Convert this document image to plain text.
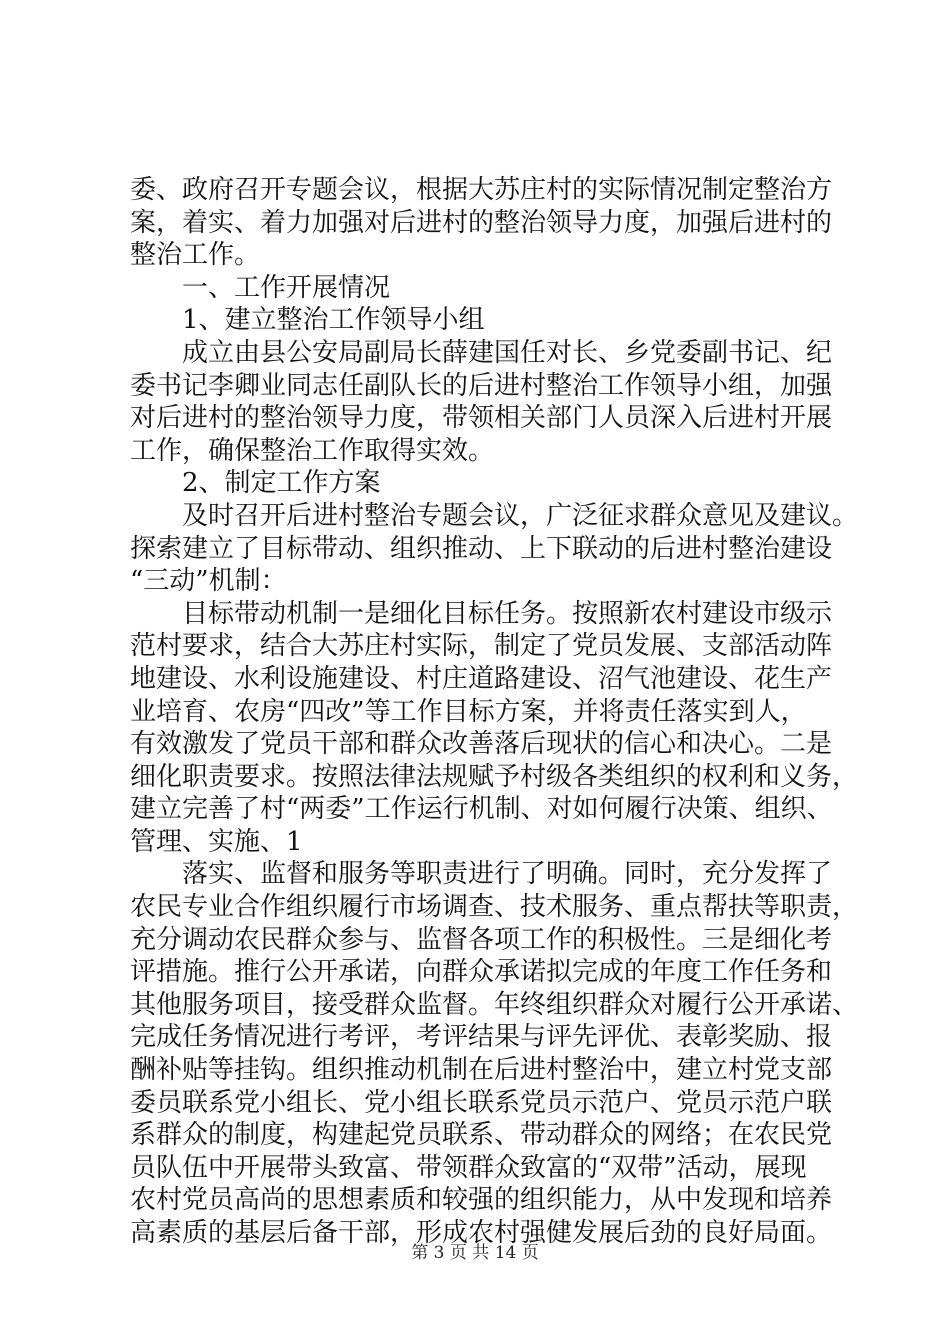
委、政府召开专题会议，根据大苏庄村的实际情况制定整治方
案，着实、着力加强对后进村的整治领导力度，加强后进村的
整治工作。
一、工作开展情况
1、建立整治工作领导小组
成立由县公安局副局长薛建国任对长、乡党委副书记、纪
委书记李卿业同志任副队长的后进村整治工作领导小组，加强
对后进村的整治领导力度，带领相关部门人员深入后进村开展
工作，确保整治工作取得实效。
2、制定工作方案
及时召开后进村整治专题会议，广泛征求群众意见及建议。
探索建立了目标带动、组织推动、上下联动的后进村整治建设
“三动”机制：
目标带动机制一是细化目标任务。按照新农村建设市级示
范村要求，结合大苏庄村实际，制定了党员发展、支部活动阵
地建设、水利设施建设、村庄道路建设、沼气池建设、花生产
业培育、农房“四改”等工作目标方案，并将责任落实到人，
有效激发了党员干部和群众改善落后现状的信心和决心。二是
细化职责要求。按照法律法规赋予村级各类组织的权利和义务，
建立完善了村“两委”工作运行机制、对如何履行决策、组织、
管理、实施、1
落实、监督和服务等职责进行了明确。同时，充分发挥了
农民专业合作组织履行市场调查、技术服务、重点帮扶等职责，
充分调动农民群众参与、监督各项工作的积极性。三是细化考
评措施。推行公开承诺，向群众承诺拟完成的年度工作任务和
其他服务项目，接受群众监督。年终组织群众对履行公开承诺、
完成任务情况进行考评，考评结果与评先评优、表彰奖励、报
酬补贴等挂钩。组织推动机制在后进村整治中，建立村党支部
委员联系党小组长、党小组长联系党员示范户、党员示范户联
系群众的制度，构建起党员联系、带动群众的网络；在农民党
员队伍中开展带头致富、带领群众致富的“双带”活动，展现
农村党员高尚的思想素质和较强的组织能力，从中发现和培养
高素质的基层后备干部，形成农村强健发展后劲的良好局面。
第 3 页 共 14 页
